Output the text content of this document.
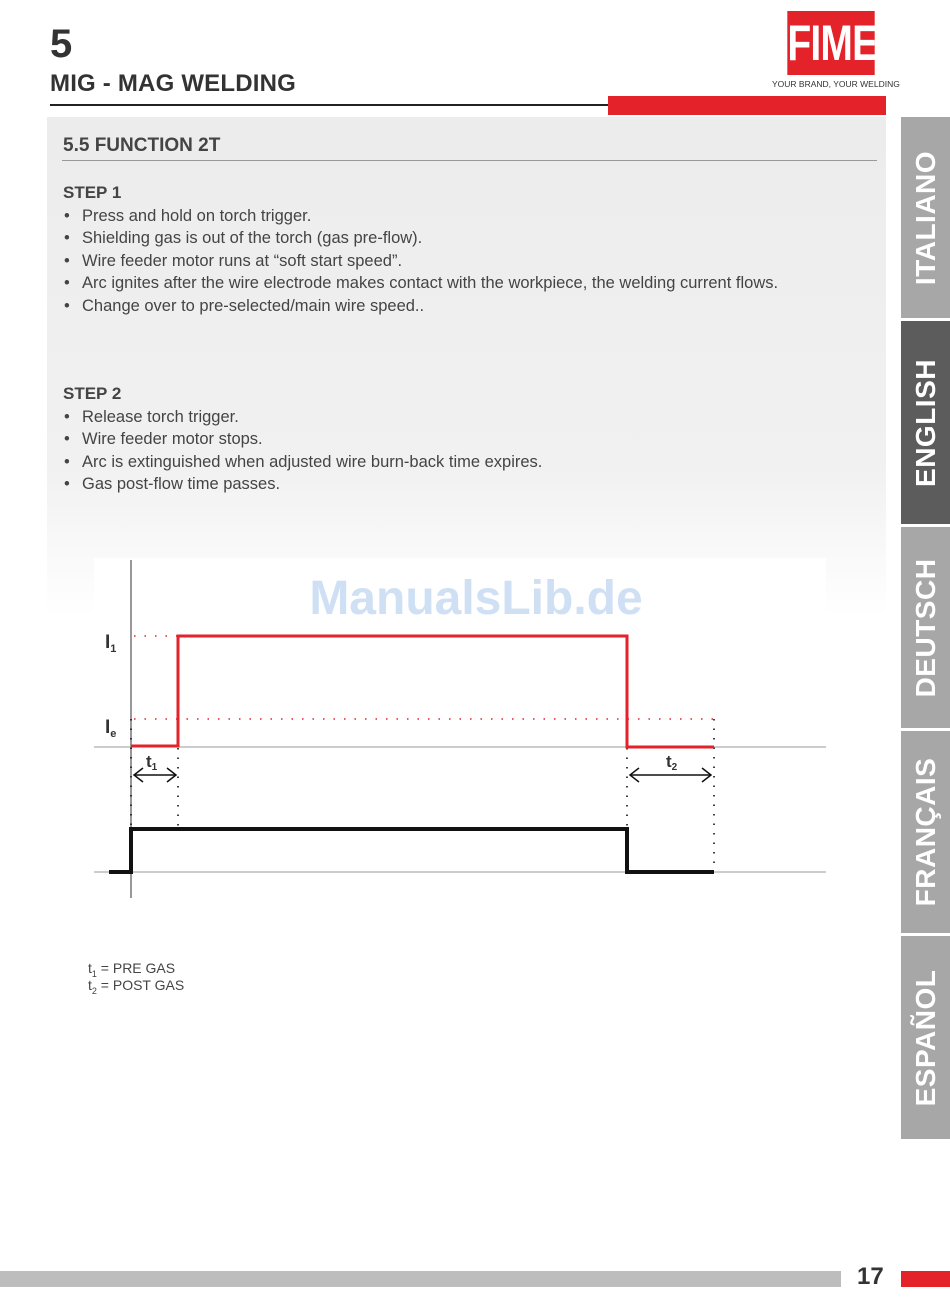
5
MIG - MAG WELDING
FIMER
YOUR BRAND, YOUR WELDING
5.5 FUNCTION 2T
STEP 1
• Press and hold on torch trigger.
• Shielding gas is out of the torch (gas pre-flow).
• Wire feeder motor runs at “soft start speed”.
• Arc ignites after the wire electrode makes contact with the workpiece, the welding current flows.
• Change over to pre-selected/main wire speed..
STEP 2
• Release torch trigger.
• Wire feeder motor stops.
• Arc is extinguished when adjusted wire burn-back time expires.
• Gas post-flow time passes.
ManualsLib.de
$I_1$
$I_e$
t1	t2
$t_1$ = PRE GAS
$t_2$ = POST GAS
ITALIANO
ENGLISH
DEUTSCH
FRANÇAIS
ESPAÑOL
17
